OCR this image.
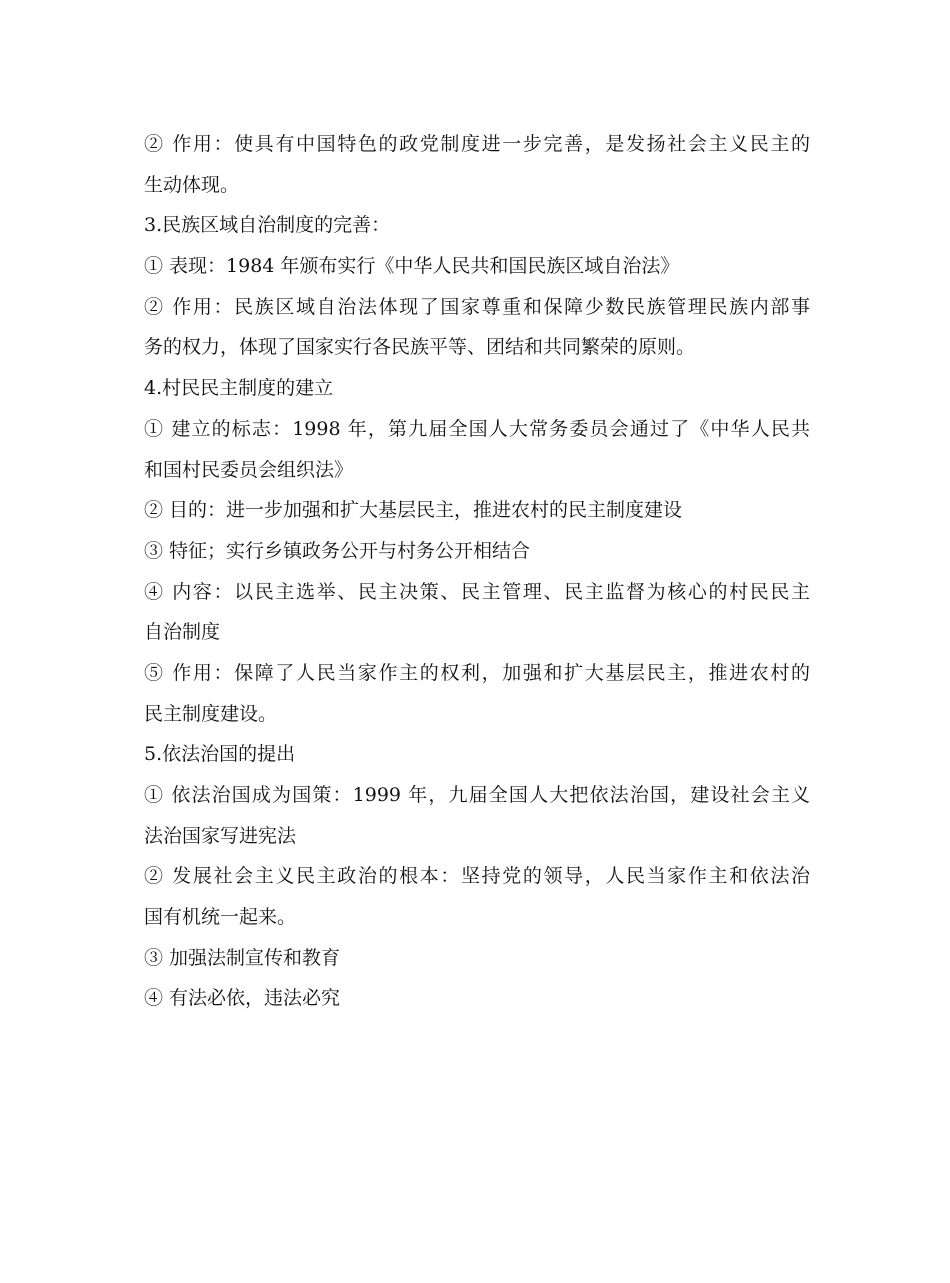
② 作用：使具有中国特色的政党制度进一步完善，是发扬社会主义民主的

生动体现。

3.民族区域自治制度的完善：

① 表现：1984 年颁布实行《中华人民共和国民族区域自治法》

② 作用：民族区域自治法体现了国家尊重和保障少数民族管理民族内部事

务的权力，体现了国家实行各民族平等、团结和共同繁荣的原则。

4.村民民主制度的建立

① 建立的标志：1998 年，第九届全国人大常务委员会通过了《中华人民共

和国村民委员会组织法》

② 目的：进一步加强和扩大基层民主，推进农村的民主制度建设

③ 特征；实行乡镇政务公开与村务公开相结合

④ 内容：以民主选举、民主决策、民主管理、民主监督为核心的村民民主

自治制度

⑤ 作用：保障了人民当家作主的权利，加强和扩大基层民主，推进农村的

民主制度建设。

5.依法治国的提出

① 依法治国成为国策：1999 年，九届全国人大把依法治国，建设社会主义

法治国家写进宪法

② 发展社会主义民主政治的根本：坚持党的领导，人民当家作主和依法治

国有机统一起来。

③ 加强法制宣传和教育

④ 有法必依，违法必究
